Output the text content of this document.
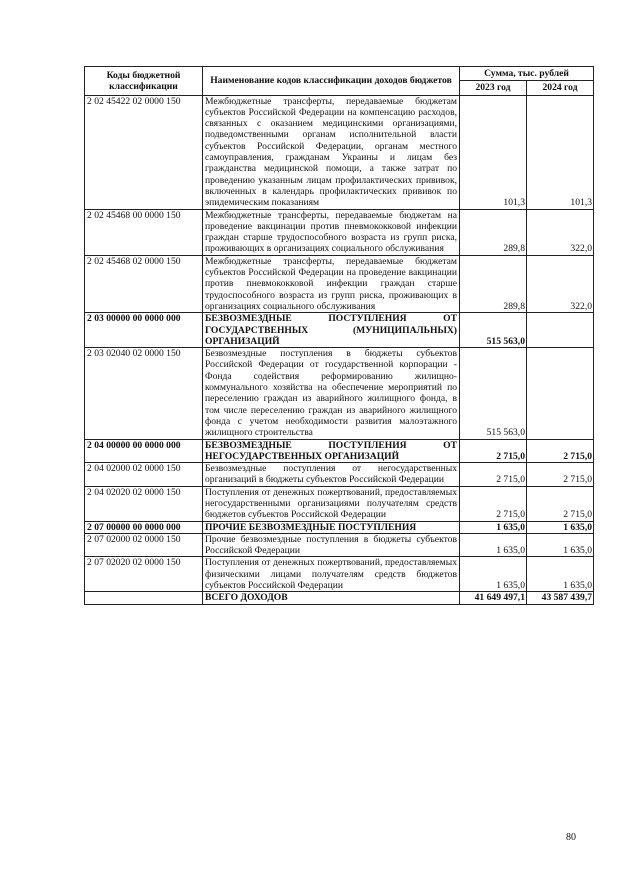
Коды бюджетной классификации	Наименование кодов классификации доходов бюджетов	Сумма, тыс. рублей	
		2023 год	2024 год
2 02 45422 02 0000 150	Межбюджетные трансферты, передаваемые бюджетам субъектов Российской Федерации на компенсацию расходов, связанных с оказанием медицинскими организациями, подведомственными органам исполнительной власти субъектов Российской Федерации, органам местного самоуправления, гражданам Украины и лицам без гражданства медицинской помощи, а также затрат по проведению указанным лицам профилактических прививок, включенных в календарь профилактических прививок по эпидемическим показаниям	101,3	101,3
2 02 45468 00 0000 150	Межбюджетные трансферты, передаваемые бюджетам на проведение вакцинации против пневмококковой инфекции граждан старше трудоспособного возраста из групп риска, проживающих в организациях социального обслуживания	289,8	322,0
2 02 45468 02 0000 150	Межбюджетные трансферты, передаваемые бюджетам субъектов Российской Федерации на проведение вакцинации против пневмококковой инфекции граждан старше трудоспособного возраста из групп риска, проживающих в организациях социального обслуживания	289,8	322,0
2 03 00000 00 0000 000	БЕЗВОЗМЕЗДНЫЕ ПОСТУПЛЕНИЯ ОТ ГОСУДАРСТВЕННЫХ (МУНИЦИПАЛЬНЫХ) ОРГАНИЗАЦИЙ	515 563,0	
2 03 02040 02 0000 150	Безвозмездные поступления в бюджеты субъектов Российской Федерации от государственной корпорации - Фонда содействия реформированию жилищно-коммунального хозяйства на обеспечение мероприятий по переселению граждан из аварийного жилищного фонда, в том числе переселению граждан из аварийного жилищного фонда с учетом необходимости развития малоэтажного жилищного строительства	515 563,0	
2 04 00000 00 0000 000	БЕЗВОЗМЕЗДНЫЕ ПОСТУПЛЕНИЯ ОТ НЕГОСУДАРСТВЕННЫХ ОРГАНИЗАЦИЙ	2 715,0	2 715,0
2 04 02000 02 0000 150	Безвозмездные поступления от негосударственных организаций в бюджеты субъектов Российской Федерации	2 715,0	2 715,0
2 04 02020 02 0000 150	Поступления от денежных пожертвований, предоставляемых негосударственными организациями получателям средств бюджетов субъектов Российской Федерации	2 715,0	2 715,0
2 07 00000 00 0000 000	ПРОЧИЕ БЕЗВОЗМЕЗДНЫЕ ПОСТУПЛЕНИЯ	1 635,0	1 635,0
2 07 02000 02 0000 150	Прочие безвозмездные поступления в бюджеты субъектов Российской Федерации	1 635,0	1 635,0
2 07 02020 02 0000 150	Поступления от денежных пожертвований, предоставляемых физическими лицами получателям средств бюджетов субъектов Российской Федерации	1 635,0	1 635,0
	ВСЕГО ДОХОДОВ	41 649 497,1	43 587 439,7
80
